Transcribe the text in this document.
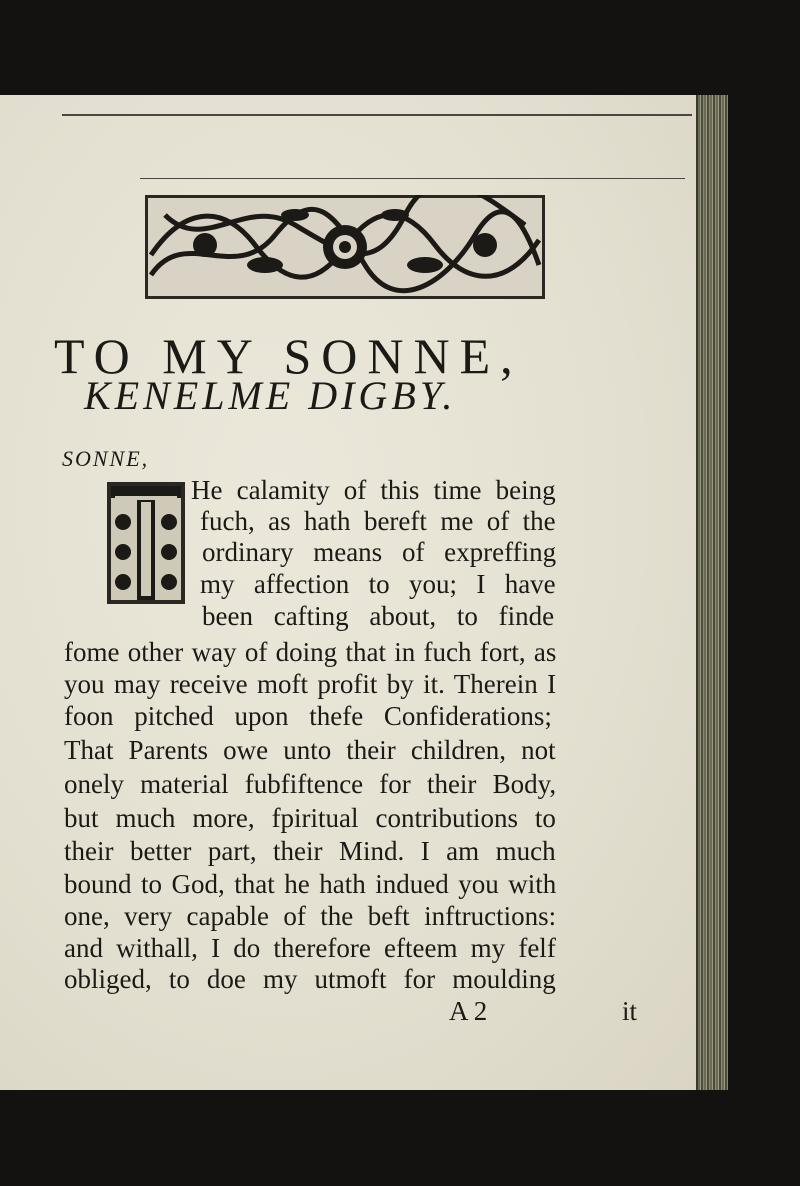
TO MY SONNE,
KENELME DIGBY.
SONNE,
He calamity of this time being
fuch, as hath bereft me of the
ordinary means of expreffing
my affection to you; I have
been cafting about, to finde
fome other way of doing that in fuch fort, as
you may receive moft profit by it. Therein I
foon pitched upon thefe Confiderations;
That Parents owe unto their children, not
onely material fubfiftence for their Body,
but much more, fpiritual contributions to
their better part, their Mind. I am much
bound to God, that he hath indued you with
one, very capable of the beft inftructions:
and withall, I do therefore efteem my felf
obliged, to doe my utmoft for moulding
A 2	it
